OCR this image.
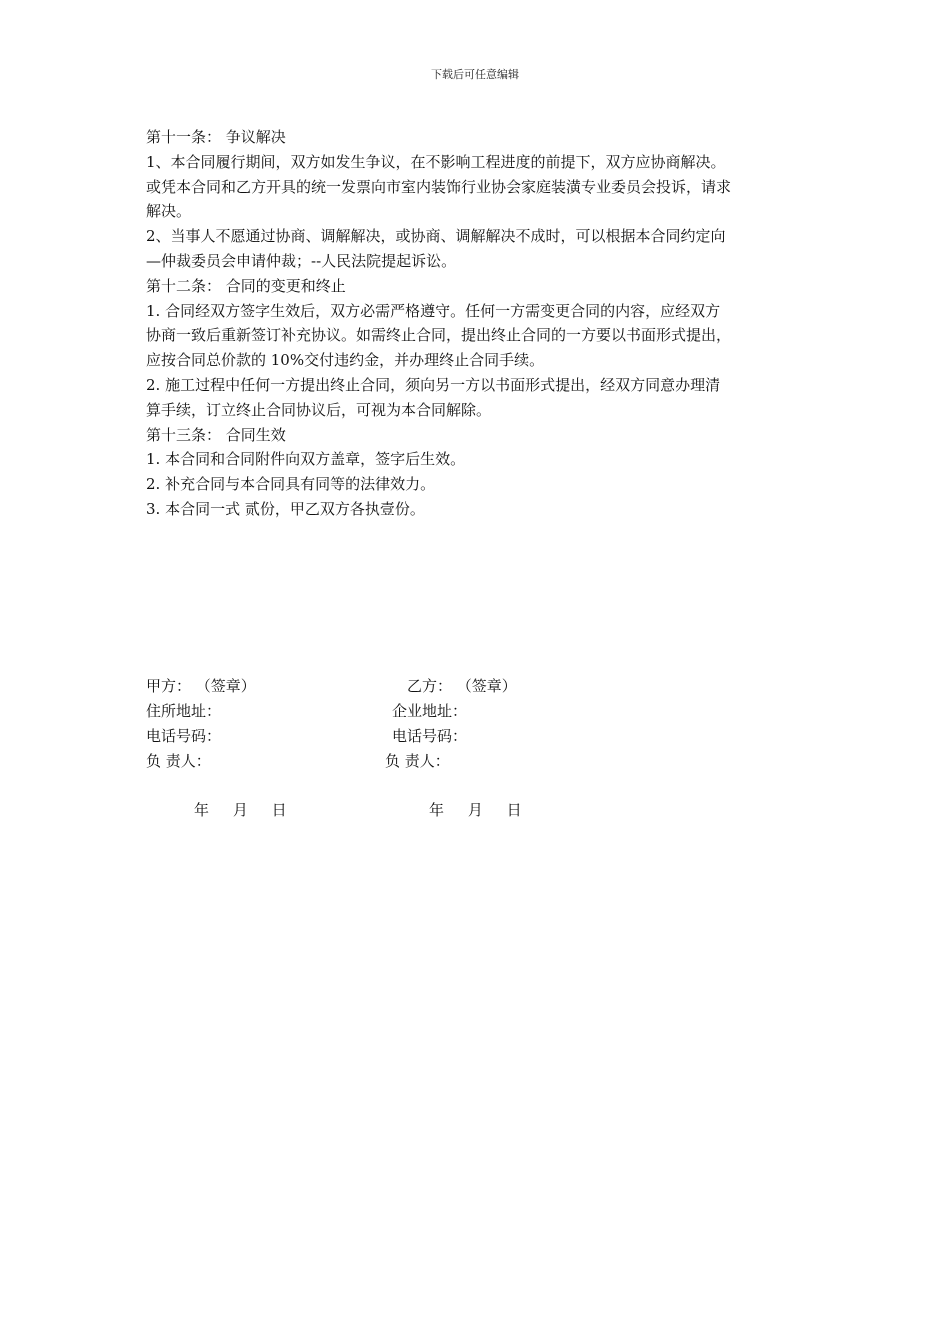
下载后可任意编辑

第十一条： 争议解决

1、本合同履行期间，双方如发生争议，在不影响工程进度的前提下，双方应协商解决。

或凭本合同和乙方开具的统一发票向市室内装饰行业协会家庭装潢专业委员会投诉，请求

解决。

2、当事人不愿通过协商、调解解决，或协商、调解解决不成时，可以根据本合同约定向

—仲裁委员会申请仲裁；--人民法院提起诉讼。

第十二条： 合同的变更和终止

1. 合同经双方签字生效后，双方必需严格遵守。任何一方需变更合同的内容，应经双方

协商一致后重新签订补充协议。如需终止合同，提出终止合同的一方要以书面形式提出，

应按合同总价款的 10%交付违约金，并办理终止合同手续。

2. 施工过程中任何一方提出终止合同，须向另一方以书面形式提出，经双方同意办理清

算手续，订立终止合同协议后，可视为本合同解除。

第十三条： 合同生效

1. 本合同和合同附件向双方盖章，签字后生效。

2. 补充合同与本合同具有同等的法律效力。

3. 本合同一式 贰份，甲乙双方各执壹份。

甲方： （签章）	乙方： （签章）
住所地址：	企业地址：
电话号码：	电话号码：
负 责人：	负 责人：
年     月     日	年     月     日
